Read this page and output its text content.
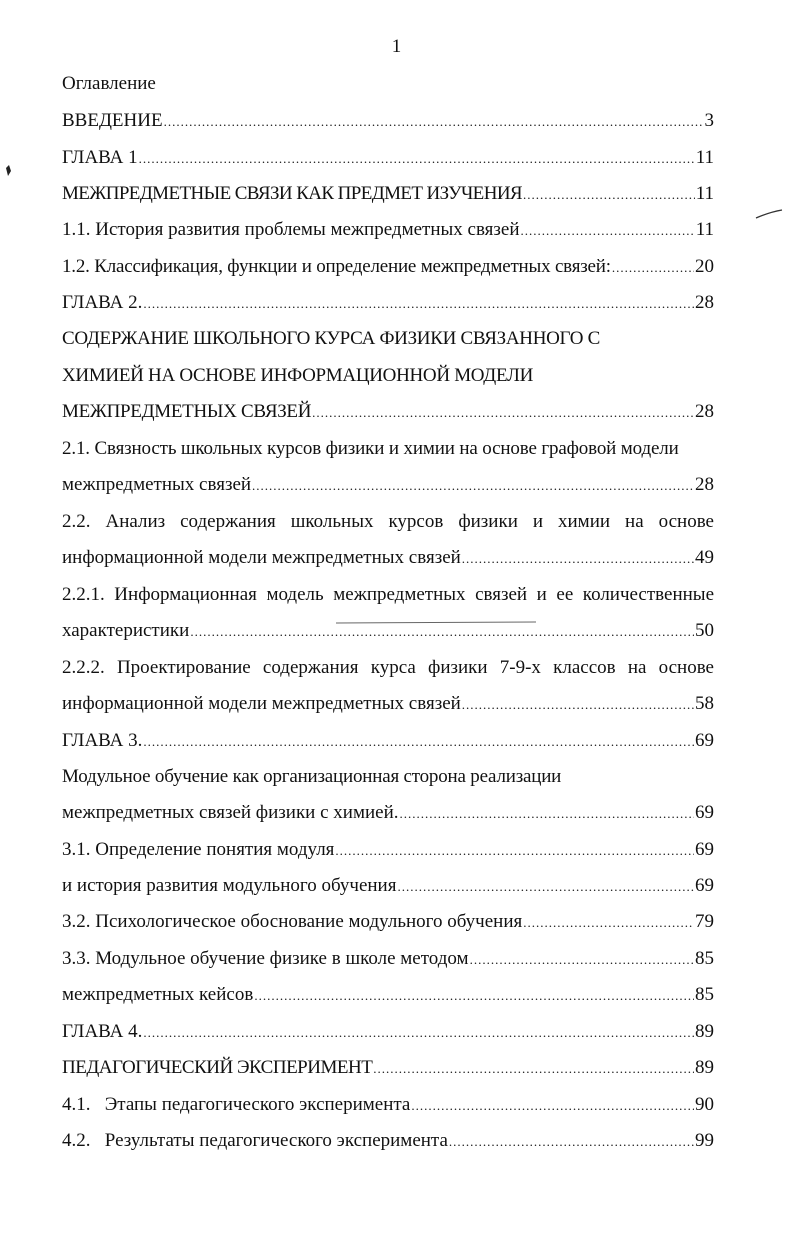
1
Оглавление
ВВЕДЕНИЕ .....	3
ГЛАВА 1 .....	11
МЕЖПРЕДМЕТНЫЕ СВЯЗИ КАК ПРЕДМЕТ ИЗУЧЕНИЯ .....	11
1.1. История развития проблемы межпредметных связей .....	11
1.2. Классификация, функции и определение межпредметных связей: .....	20
ГЛАВА 2. .....	28
СОДЕРЖАНИЕ ШКОЛЬНОГО КУРСА ФИЗИКИ СВЯЗАННОГО С
ХИМИЕЙ НА ОСНОВЕ ИНФОРМАЦИОННОЙ МОДЕЛИ
МЕЖПРЕДМЕТНЫХ СВЯЗЕЙ .....	28
2.1. Связность школьных курсов физики и химии на основе графовой модели
межпредметных связей .....	28
2.2. Анализ содержания школьных курсов физики и химии на основе
информационной модели межпредметных связей .....	49
2.2.1. Информационная модель межпредметных связей и ее количественные
характеристики .....	50
2.2.2. Проектирование содержания курса физики 7-9-х классов на основе
информационной модели межпредметных связей .....	58
ГЛАВА 3. .....	69
Модульное обучение как организационная сторона реализации
межпредметных связей физики с химией. .....	69
3.1. Определение понятия модуля .....	69
и история развития модульного обучения .....	69
3.2. Психологическое обоснование модульного обучения .....	79
3.3. Модульное обучение физике в школе методом .....	85
межпредметных кейсов .....	85
ГЛАВА 4. .....	89
ПЕДАГОГИЧЕСКИЙ ЭКСПЕРИМЕНТ .....	89
4.1.   Этапы педагогического эксперимента .....	90
4.2.   Результаты педагогического эксперимента .....	99
